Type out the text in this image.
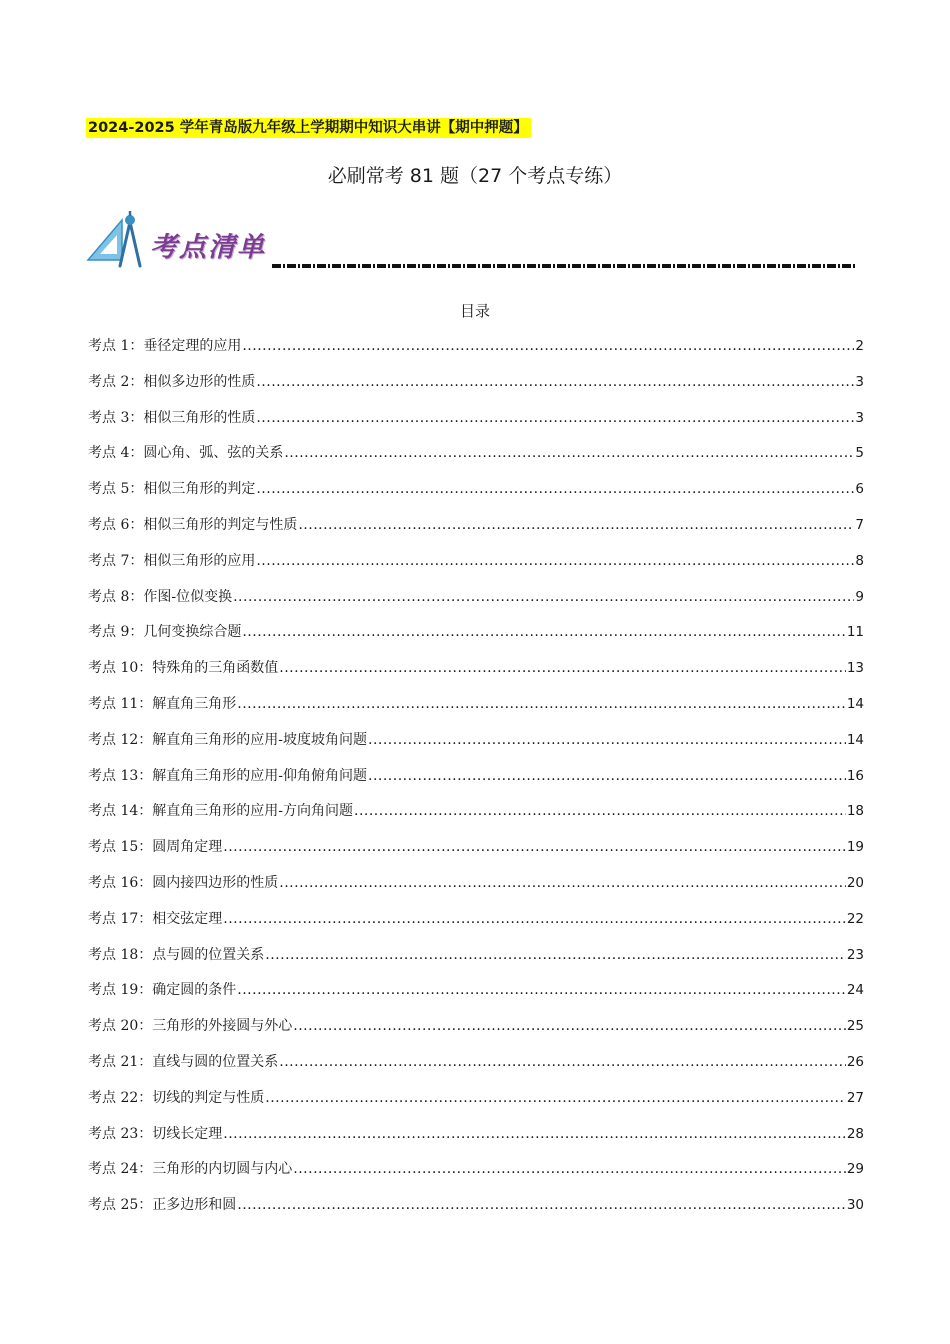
2024-2025 学年青岛版九年级上学期期中知识大串讲【期中押题】
必刷常考 81 题（27 个考点专练）
考点清单
目录
考点 1： 垂径定理的应用 .....	2
考点 2： 相似多边形的性质 .....	3
考点 3： 相似三角形的性质 .....	3
考点 4： 圆心角、弧、弦的关系 .....	5
考点 5： 相似三角形的判定 .....	6
考点 6： 相似三角形的判定与性质 .....	7
考点 7： 相似三角形的应用 .....	8
考点 8： 作图-位似变换 .....	9
考点 9： 几何变换综合题 .....	11
考点 10： 特殊角的三角函数值 .....	13
考点 11： 解直角三角形 .....	14
考点 12： 解直角三角形的应用-坡度坡角问题 .....	14
考点 13： 解直角三角形的应用-仰角俯角问题 .....	16
考点 14： 解直角三角形的应用-方向角问题 .....	18
考点 15： 圆周角定理 .....	19
考点 16： 圆内接四边形的性质 .....	20
考点 17： 相交弦定理 .....	22
考点 18： 点与圆的位置关系 .....	23
考点 19： 确定圆的条件 .....	24
考点 20： 三角形的外接圆与外心 .....	25
考点 21： 直线与圆的位置关系 .....	26
考点 22： 切线的判定与性质 .....	27
考点 23： 切线长定理 .....	28
考点 24： 三角形的内切圆与内心 .....	29
考点 25： 正多边形和圆 .....	30
